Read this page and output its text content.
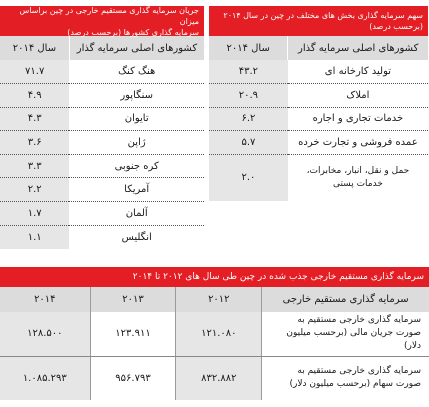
جریان سرمایه گذاری مستقیم خارجی در چین براساس میزان
سرمایه گذاری کشورها (برحسب درصد)
کشورهای اصلی سرمایه گذار	سال ۲۰۱۴
هنگ کنگ	۷۱.۷
سنگاپور	۴.۹
تایوان	۴.۳
ژاپن	۳.۶
کره جنوبی	۳.۳
آمریکا	۲.۲
آلمان	۱.۷
انگلیس	۱.۱
سهم سرمایه گذاری بخش های مختلف در چین در سال ۲۰۱۴
(برحسب درصد)
کشورهای اصلی سرمایه گذار	سال ۲۰۱۴
تولید کارخانه ای	۴۳.۲
املاک	۲۰.۹
خدمات تجاری و اجاره	۶.۲
عمده فروشی و تجارت خرده	۵.۷
حمل و نقل، انبار، مخابرات، خدمات پستی	۲.۰
سرمایه گذاری مستقیم خارجی جذب شده در چین طی سال های ۲۰۱۲ تا ۲۰۱۴
سرمایه گذاری مستقیم خارجی	۲۰۱۲	۲۰۱۳	۲۰۱۴
سرمایه گذاری خارجی مستقیم به صورت جریان مالی (برحسب میلیون دلار)	۱۲۱.۰۸۰	۱۲۳.۹۱۱	۱۲۸.۵۰۰
سرمایه گذاری خارجی مستقیم به صورت سهام (برحسب میلیون دلار)	۸۳۲.۸۸۲	۹۵۶.۷۹۳	۱.۰۸۵.۲۹۳
